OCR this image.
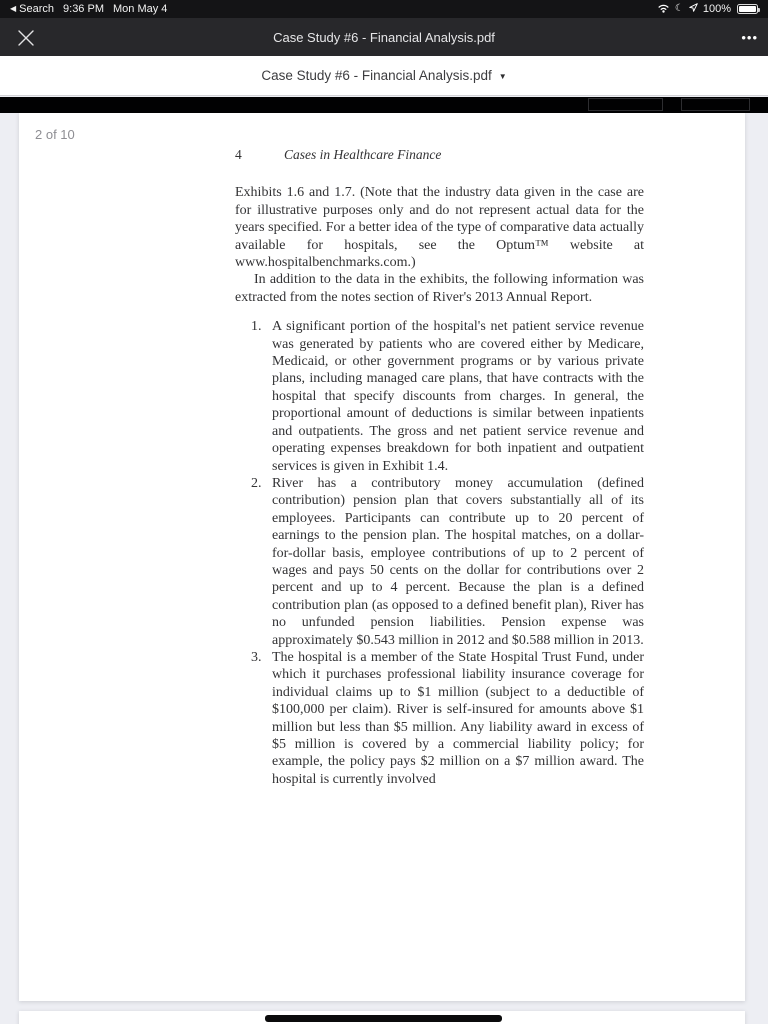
◀ Search 9:36 PM Mon May 4	☾ 100%
Case Study #6 - Financial Analysis.pdf	•••
Case Study #6 - Financial Analysis.pdf ▼
2 of 10
4	Cases in Healthcare Finance

Exhibits 1.6 and 1.7. (Note that the industry data given in the case are for illustrative purposes only and do not represent actual data for the years specified. For a better idea of the type of comparative data actually available for hospitals, see the Optum™ website at www.hospitalbenchmarks.com.)

In addition to the data in the exhibits, the following information was extracted from the notes section of River's 2013 Annual Report.

1. A significant portion of the hospital's net patient service revenue was generated by patients who are covered either by Medicare, Medicaid, or other government programs or by various private plans, including managed care plans, that have contracts with the hospital that specify discounts from charges. In general, the proportional amount of deductions is similar between inpatients and outpatients. The gross and net patient service revenue and operating expenses breakdown for both inpatient and outpatient services is given in Exhibit 1.4.
2. River has a contributory money accumulation (defined contribution) pension plan that covers substantially all of its employees. Participants can contribute up to 20 percent of earnings to the pension plan. The hospital matches, on a dollar-for-dollar basis, employee contributions of up to 2 percent of wages and pays 50 cents on the dollar for contributions over 2 percent and up to 4 percent. Because the plan is a defined contribution plan (as opposed to a defined benefit plan), River has no unfunded pension liabilities. Pension expense was approximately $0.543 million in 2012 and $0.588 million in 2013.
3. The hospital is a member of the State Hospital Trust Fund, under which it purchases professional liability insurance coverage for individual claims up to $1 million (subject to a deductible of $100,000 per claim). River is self-insured for amounts above $1 million but less than $5 million. Any liability award in excess of $5 million is covered by a commercial liability policy; for example, the policy pays $2 million on a $7 million award. The hospital is currently involved
